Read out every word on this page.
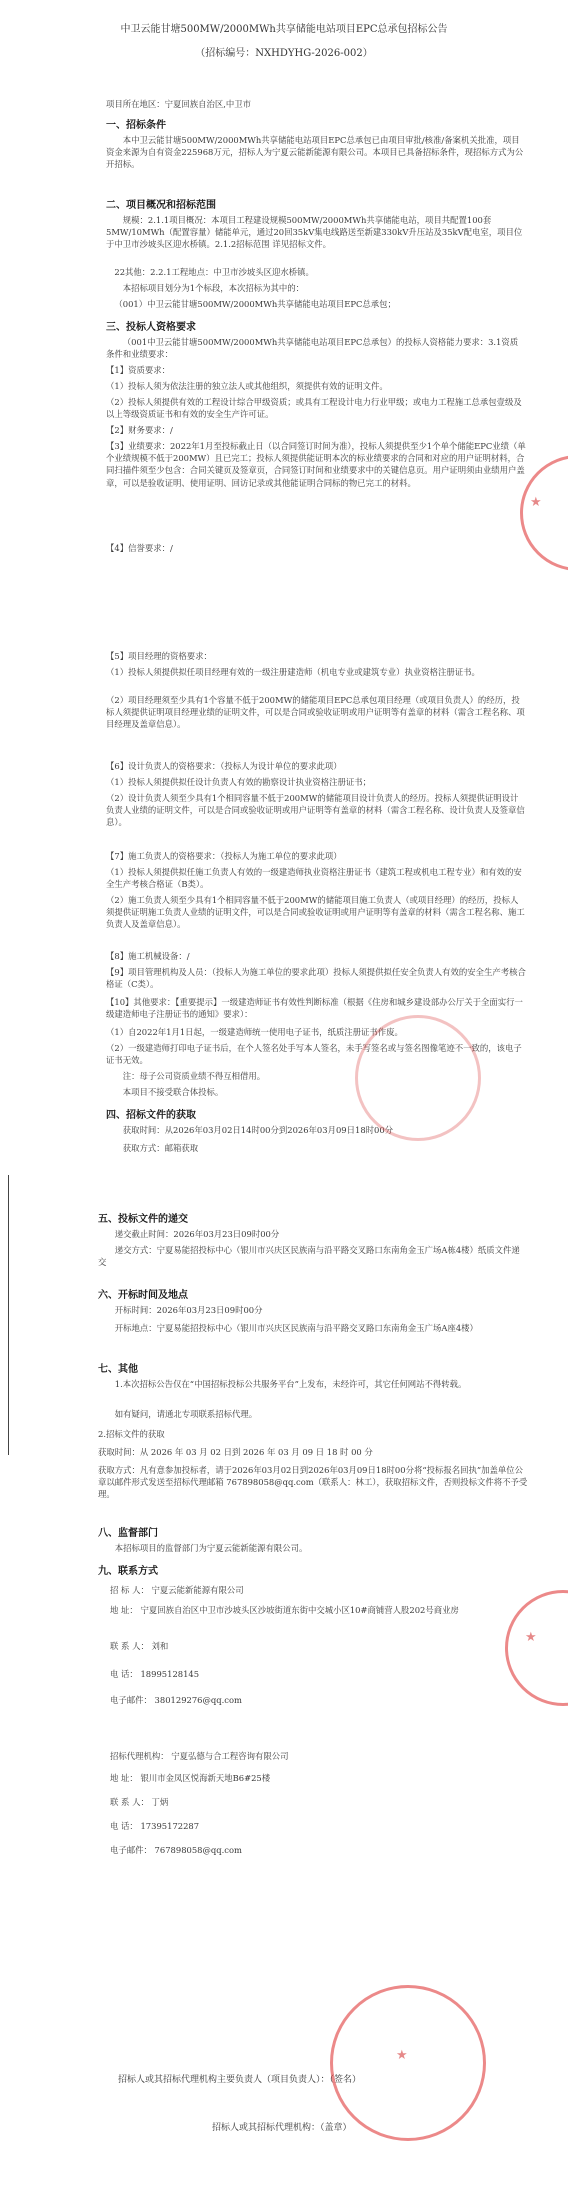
中卫云能甘塘500MW/2000MWh共享储能电站项目EPC总承包招标公告
（招标编号：NXHDYHG-2026-002）
项目所在地区：宁夏回族自治区,中卫市
一、招标条件
本中卫云能甘塘500MW/2000MWh共享储能电站项目EPC总承包已由项目审批/核准/备案机关批准，项目资金来源为自有资金225968万元，招标人为宁夏云能新能源有限公司。本项目已具备招标条件，现招标方式为公开招标。
二、项目概况和招标范围
规模：2.1.1项目概况：本项目工程建设规模500MW/2000MWh共享储能电站，项目共配置100套5MW/10MWh（配置容量）储能单元，通过20回35kV集电线路送至新建330kV升压站及35kV配电室，项目位于中卫市沙坡头区迎水桥镇。2.1.2招标范围 详见招标文件。
22其他：2.2.1工程地点：中卫市沙坡头区迎水桥镇。
本招标项目划分为1个标段，本次招标为其中的：
（001）中卫云能甘塘500MW/2000MWh共享储能电站项目EPC总承包；
三、投标人资格要求
（001中卫云能甘塘500MW/2000MWh共享储能电站项目EPC总承包）的投标人资格能力要求：3.1资质条件和业绩要求：
【1】资质要求：
（1）投标人须为依法注册的独立法人或其他组织，须提供有效的证明文件。
（2）投标人须提供有效的工程设计综合甲级资质；或具有工程设计电力行业甲级；或电力工程施工总承包壹级及以上等级资质证书和有效的安全生产许可证。
【2】财务要求：/
【3】业绩要求：2022年1月至投标截止日（以合同签订时间为准），投标人须提供至少1个单个储能EPC业绩（单个业绩规模不低于200MW）且已完工；投标人须提供能证明本次的标业绩要求的合同和对应的用户证明材料，合同扫描件须至少包含：合同关键页及签章页，合同签订时间和业绩要求中的关键信息页。用户证明须由业绩用户盖章，可以是验收证明、使用证明、回访记录或其他能证明合同标的物已完工的材料。
【4】信誉要求：/
【5】项目经理的资格要求：
（1）投标人须提供拟任项目经理有效的一级注册建造师（机电专业或建筑专业）执业资格注册证书。
（2）项目经理须至少具有1个容量不低于200MW的储能项目EPC总承包项目经理（或项目负责人）的经历，投标人须提供证明项目经理业绩的证明文件，可以是合同或验收证明或用户证明等有盖章的材料（需含工程名称、项目经理及盖章信息）。
【6】设计负责人的资格要求：（投标人为设计单位的要求此项）
（1）投标人须提供拟任设计负责人有效的勘察设计执业资格注册证书；
（2）设计负责人须至少具有1个相同容量不低于200MW的储能项目设计负责人的经历。投标人须提供证明设计负责人业绩的证明文件，可以是合同或验收证明或用户证明等有盖章的材料（需含工程名称、设计负责人及签章信息）。
【7】施工负责人的资格要求：（投标人为施工单位的要求此项）
（1）投标人须提供拟任施工负责人有效的一级建造师执业资格注册证书（建筑工程或机电工程专业）和有效的安全生产考核合格证（B类）。
（2）施工负责人须至少具有1个相同容量不低于200MW的储能项目施工负责人（或项目经理）的经历，投标人须提供证明施工负责人业绩的证明文件，可以是合同或验收证明或用户证明等有盖章的材料（需含工程名称、施工负责人及盖章信息）。
【8】施工机械设备：/
【9】项目管理机构及人员：（投标人为施工单位的要求此项）投标人须提供拟任安全负责人有效的安全生产考核合格证（C类）。
【10】其他要求：【重要提示】一级建造师证书有效性判断标准（根据《住房和城乡建设部办公厅关于全面实行一级建造师电子注册证书的通知》要求）：
（1）自2022年1月1日起，一级建造师统一使用电子证书，纸质注册证书作废。
（2）一级建造师打印电子证书后，在个人签名处手写本人签名，未手写签名或与签名图像笔迹不一致的，该电子证书无效。
注：母子公司资质业绩不得互相借用。
本项目不接受联合体投标。
四、招标文件的获取
获取时间：从2026年03月02日14时00分到2026年03月09日18时00分
获取方式：邮箱获取
五、投标文件的递交
递交截止时间：2026年03月23日09时00分
递交方式：宁夏易能招投标中心（银川市兴庆区民族南与沿平路交叉路口东南角金玉广场A栋4楼）纸质文件递交
六、开标时间及地点
开标时间：2026年03月23日09时00分
开标地点：宁夏易能招投标中心（银川市兴庆区民族南与沿平路交叉路口东南角金玉广场A座4楼）
七、其他
1.本次招标公告仅在“中国招标投标公共服务平台”上发布，未经许可，其它任何网站不得转载。
如有疑问，请通北专项联系招标代理。
2.招标文件的获取
获取时间：从 2026 年 03 月 02 日到 2026 年 03 月 09 日 18 时 00 分
获取方式：凡有意参加投标者，请于2026年03月02日到2026年03月09日18时00分将“投标报名回执”加盖单位公章以邮件形式发送至招标代理邮箱 767898058@qq.com（联系人：林工），获取招标文件，否则投标文件将不予受理。
八、监督部门
本招标项目的监督部门为宁夏云能新能源有限公司。
九、联系方式
招 标 人： 宁夏云能新能源有限公司
地 址： 宁夏回族自治区中卫市沙坡头区沙坡街道东街中交城小区10#商铺营人股202号商业房
联 系 人： 刘和
电 话： 18995128145
电子邮件： 380129276@qq.com
招标代理机构： 宁夏弘德与合工程咨询有限公司
地 址： 银川市金凤区悦海新天地B6#25楼
联 系 人： 丁炳
电 话： 17395172287
电子邮件： 767898058@qq.com
招标人或其招标代理机构主要负责人（项目负责人）：（签名）
招标人或其招标代理机构：（盖章）
★
★
★
